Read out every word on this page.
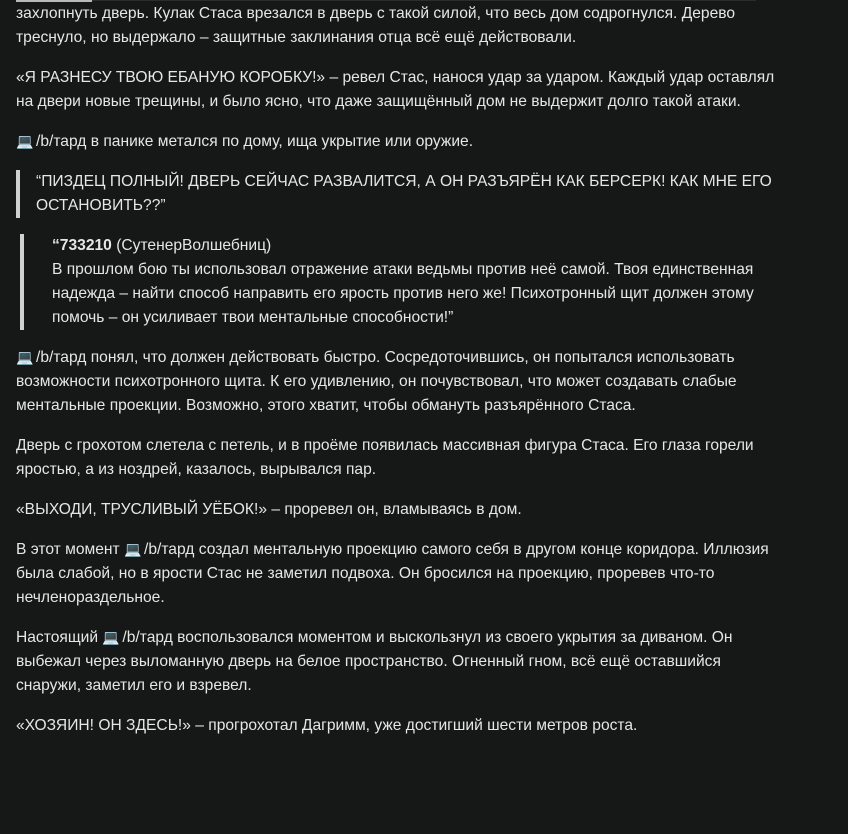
захлопнуть дверь. Кулак Стаса врезался в дверь с такой силой, что весь дом содрогнулся. Дерево треснуло, но выдержало – защитные заклинания отца всё ещё действовали.

«Я РАЗНЕСУ ТВОЮ ЕБАНУЮ КОРОБКУ!» – ревел Стас, нанося удар за ударом. Каждый удар оставлял на двери новые трещины, и было ясно, что даже защищённый дом не выдержит долго такой атаки.

💻 /b/тард в панике метался по дому, ища укрытие или оружие.

“ПИЗДЕЦ ПОЛНЫЙ! ДВЕРЬ СЕЙЧАС РАЗВАЛИТСЯ, А ОН РАЗЪЯРЁН КАК БЕРСЕРК! КАК МНЕ ЕГО ОСТАНОВИТЬ??”
“733210 (СутенерВолшебниц)
В прошлом бою ты использовал отражение атаки ведьмы против неё самой. Твоя единственная надежда – найти способ направить его ярость против него же! Психотронный щит должен этому помочь – он усиливает твои ментальные способности!”

💻 /b/тард понял, что должен действовать быстро. Сосредоточившись, он попытался использовать возможности психотронного щита. К его удивлению, он почувствовал, что может создавать слабые ментальные проекции. Возможно, этого хватит, чтобы обмануть разъярённого Стаса.

Дверь с грохотом слетела с петель, и в проёме появилась массивная фигура Стаса. Его глаза горели яростью, а из ноздрей, казалось, вырывался пар.

«ВЫХОДИ, ТРУСЛИВЫЙ УЁБОК!» – проревел он, вламываясь в дом.

В этот момент 💻 /b/тард создал ментальную проекцию самого себя в другом конце коридора. Иллюзия была слабой, но в ярости Стас не заметил подвоха. Он бросился на проекцию, проревев что-то нечленораздельное.

Настоящий 💻 /b/тард воспользовался моментом и выскользнул из своего укрытия за диваном. Он выбежал через выломанную дверь на белое пространство. Огненный гном, всё ещё оставшийся снаружи, заметил его и взревел.

«ХОЗЯИН! ОН ЗДЕСЬ!» – прогрохотал Дагримм, уже достигший шести метров роста.
